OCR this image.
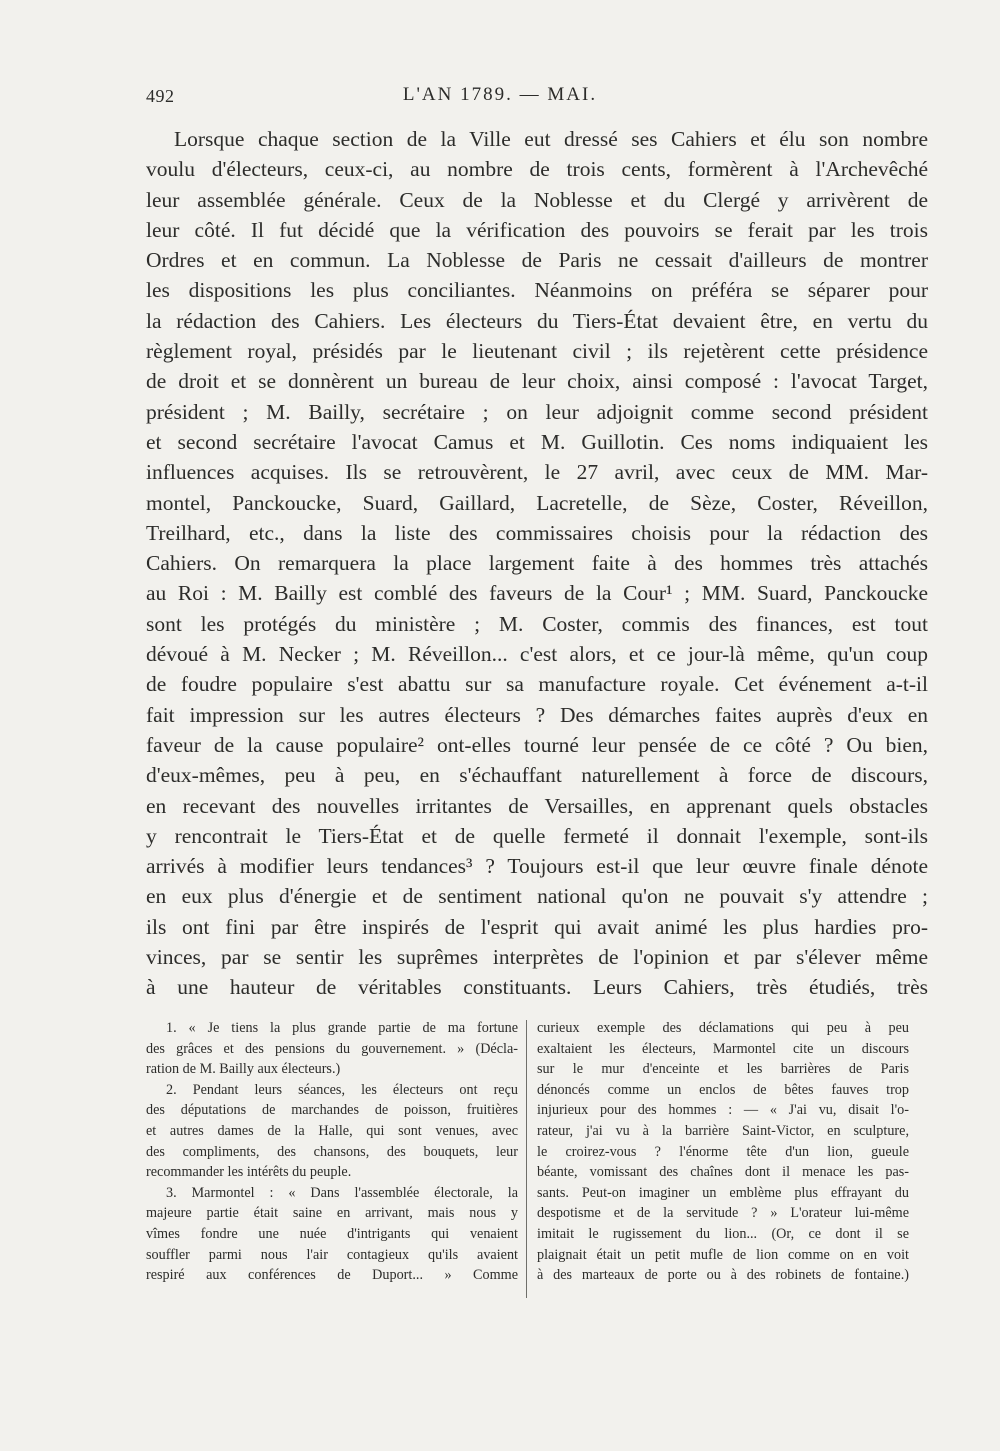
492	L'AN 1789. — MAI.
Lorsque chaque section de la Ville eut dressé ses Cahiers et élu son nombre
voulu d'électeurs, ceux-ci, au nombre de trois cents, formèrent à l'Archevêché
leur assemblée générale. Ceux de la Noblesse et du Clergé y arrivèrent de
leur côté. Il fut décidé que la vérification des pouvoirs se ferait par les trois
Ordres et en commun. La Noblesse de Paris ne cessait d'ailleurs de montrer
les dispositions les plus conciliantes. Néanmoins on préféra se séparer pour
la rédaction des Cahiers. Les électeurs du Tiers-État devaient être, en vertu du
règlement royal, présidés par le lieutenant civil ; ils rejetèrent cette présidence
de droit et se donnèrent un bureau de leur choix, ainsi composé : l'avocat Target,
président ; M. Bailly, secrétaire ; on leur adjoignit comme second président
et second secrétaire l'avocat Camus et M. Guillotin. Ces noms indiquaient les
influences acquises. Ils se retrouvèrent, le 27 avril, avec ceux de MM. Mar-
montel, Panckoucke, Suard, Gaillard, Lacretelle, de Sèze, Coster, Réveillon,
Treilhard, etc., dans la liste des commissaires choisis pour la rédaction des
Cahiers. On remarquera la place largement faite à des hommes très attachés
au Roi : M. Bailly est comblé des faveurs de la Cour¹ ; MM. Suard, Panckoucke
sont les protégés du ministère ; M. Coster, commis des finances, est tout
dévoué à M. Necker ; M. Réveillon... c'est alors, et ce jour-là même, qu'un coup
de foudre populaire s'est abattu sur sa manufacture royale. Cet événement a-t-il
fait impression sur les autres électeurs ? Des démarches faites auprès d'eux en
faveur de la cause populaire² ont-elles tourné leur pensée de ce côté ? Ou bien,
d'eux-mêmes, peu à peu, en s'échauffant naturellement à force de discours,
en recevant des nouvelles irritantes de Versailles, en apprenant quels obstacles
y rencontrait le Tiers-État et de quelle fermeté il donnait l'exemple, sont-ils
arrivés à modifier leurs tendances³ ? Toujours est-il que leur œuvre finale dénote
en eux plus d'énergie et de sentiment national qu'on ne pouvait s'y attendre ;
ils ont fini par être inspirés de l'esprit qui avait animé les plus hardies pro-
vinces, par se sentir les suprêmes interprètes de l'opinion et par s'élever même
à une hauteur de véritables constituants. Leurs Cahiers, très étudiés, très
1. « Je tiens la plus grande partie de ma fortune
des grâces et des pensions du gouvernement. » (Décla-
ration de M. Bailly aux électeurs.)
2. Pendant leurs séances, les électeurs ont reçu
des députations de marchandes de poisson, fruitières
et autres dames de la Halle, qui sont venues, avec
des compliments, des chansons, des bouquets, leur
recommander les intérêts du peuple.
3. Marmontel : « Dans l'assemblée électorale, la
majeure partie était saine en arrivant, mais nous y
vîmes fondre une nuée d'intrigants qui venaient
souffler parmi nous l'air contagieux qu'ils avaient
respiré aux conférences de Duport... » Comme
curieux exemple des déclamations qui peu à peu
exaltaient les électeurs, Marmontel cite un discours
sur le mur d'enceinte et les barrières de Paris
dénoncés comme un enclos de bêtes fauves trop
injurieux pour des hommes : — « J'ai vu, disait l'o-
rateur, j'ai vu à la barrière Saint-Victor, en sculpture,
le croirez-vous ? l'énorme tête d'un lion, gueule
béante, vomissant des chaînes dont il menace les pas-
sants. Peut-on imaginer un emblème plus effrayant du
despotisme et de la servitude ? » L'orateur lui-même
imitait le rugissement du lion... (Or, ce dont il se
plaignait était un petit mufle de lion comme on en voit
à des marteaux de porte ou à des robinets de fontaine.)
